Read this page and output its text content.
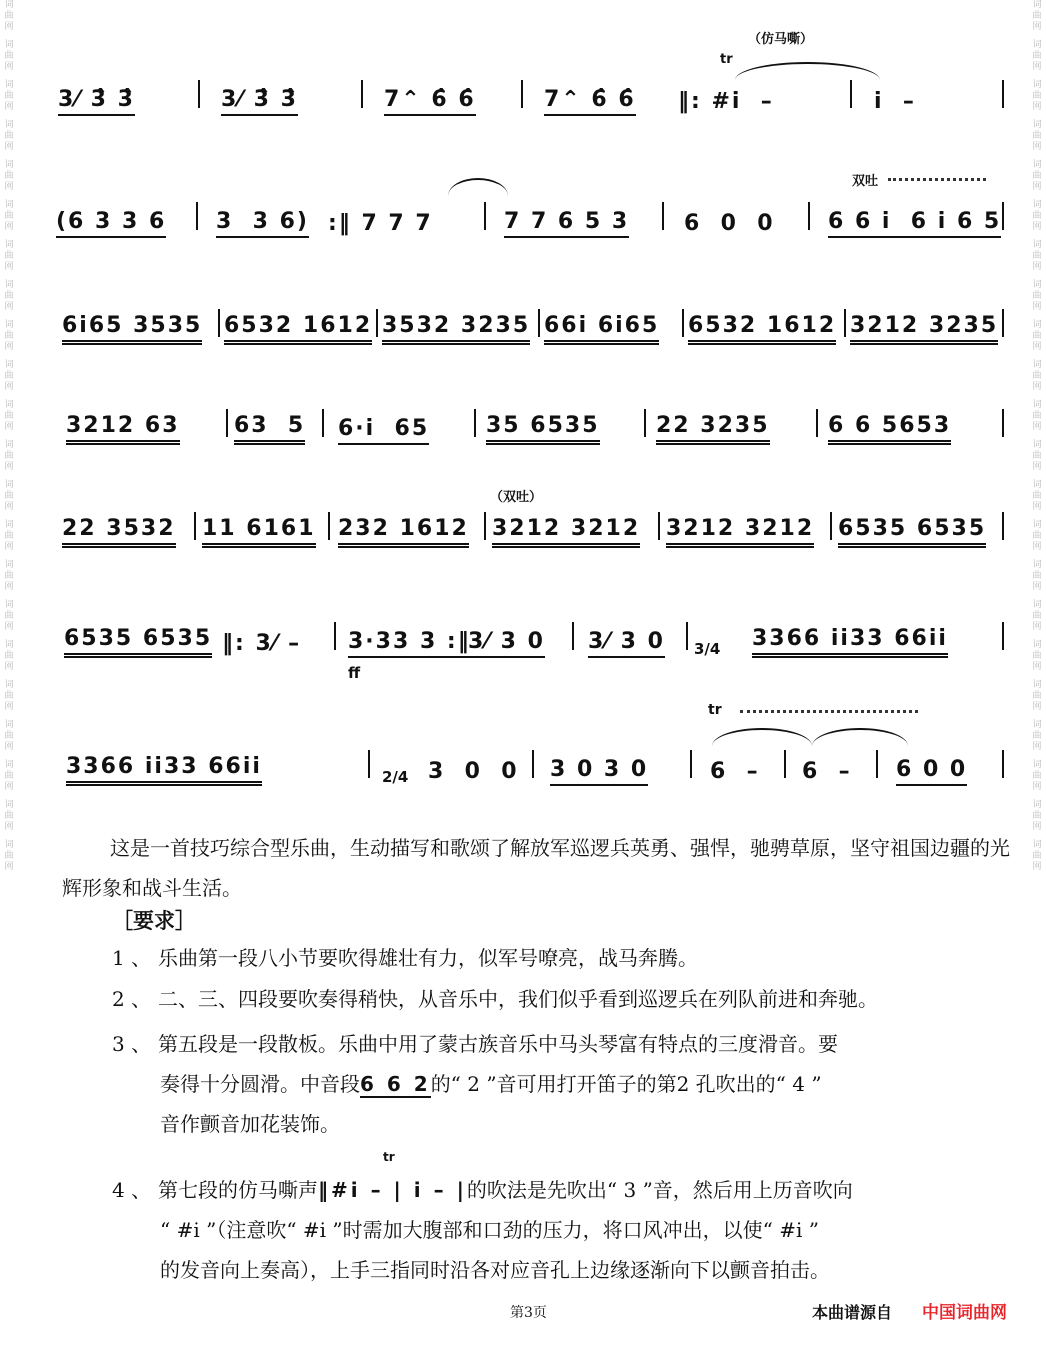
词
曲
网
词
曲
网
词
曲
网
词
曲
网
词
曲
网
词
曲
网
词
曲
网
词
曲
网
词
曲
网
词
曲
网
词
曲
网
词
曲
网
词
曲
网
词
曲
网
词
曲
网
词
曲
网
词
曲
网
词
曲
网
词
曲
网
词
曲
网
词
曲
网
词
曲
网
词
曲
网
词
曲
网
词
曲
网
词
曲
网
词
曲
网
词
曲
网
词
曲
网
词
曲
网
词
曲
网
词
曲
网
词
曲
网
词
曲
网
词
曲
网
词
曲
网
词
曲
网
词
曲
网
词
曲
网
词
曲
网
词
曲
网
词
曲
网
词
曲
网
词
曲
网
（仿马嘶）
tr
3⁄ 3̂ 3̂	3⁄ 3̂ 3̂	7⌃ 6̂ 6̂	7⌃ 6̂ 6̂ ‖: #i  –	i  –
双吐
(6 3 3 6 3  3 6) :‖ 7 7 7	7 7 6 5 3 6  0  0 6 6 i  6 i 6 5
6i65 3535 6532 1612 3532 3235 66i 6i65 6532 1612 3212 3235
3212 63 63  5 6·i  65	35 6535	22 3235	6 6 5653
（双吐）
22 3532 11 6161 232 1612 3212 3212 3212 3212 6535 6535
6535 6535 ‖: 3⁄ – 3·33 3 :‖
3⁄ 3 0 3⁄ 3 0 3/4 3366 ii33 66ii
ff
tr
3366 ii33 66ii	2/4 3  0  0 3 0 3 0	6  – 6  – 6 0 0
这是一首技巧综合型乐曲，生动描写和歌颂了解放军巡逻兵英勇、强悍，驰骋草原，坚守祖国边疆的光辉形象和战斗生活。
［要求］
1 、 乐曲第一段八小节要吹得雄壮有力，似军号嘹亮，战马奔腾。
2 、 二、三、四段要吹奏得稍快，从音乐中，我们似乎看到巡逻兵在列队前进和奔驰。
3 、 第五段是一段散板。乐曲中用了蒙古族音乐中马头琴富有特点的三度滑音。要
奏得十分圆滑。中音段6 6 2的“ 2 ”音可用打开笛子的第2 孔吹出的“ 4 ”
音作颤音加花装饰。
tr
4 、 第七段的仿马嘶声‖#i – | i – |的吹法是先吹出“ 3 ”音，然后用上历音吹向
“ #i ”（注意吹“ #i ”时需加大腹部和口劲的压力，将口风冲出，以使“ #i ”
的发音向上奏高），上手三指同时沿各对应音孔上边缘逐渐向下以颤音拍击。
第3页	本曲谱源自 中国词曲网
